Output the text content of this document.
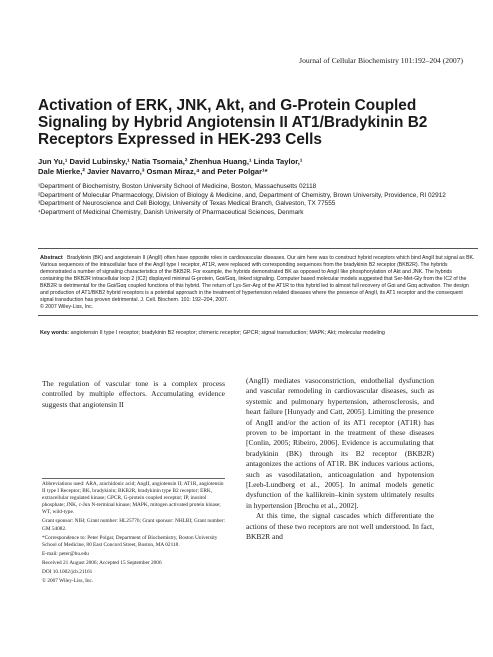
Journal of Cellular Biochemistry 101:192–204 (2007)
Activation of ERK, JNK, Akt, and G-Protein Coupled Signaling by Hybrid Angiotensin II AT1/Bradykinin B2 Receptors Expressed in HEK-293 Cells
Jun Yu,¹ David Lubinsky,¹ Natia Tsomaia,² Zhenhua Huang,¹ Linda Taylor,¹
Dale Mierke,² Javier Navarro,³ Osman Miraz,⁴ and Peter Polgar¹*

¹Department of Biochemistry, Boston University School of Medicine, Boston, Massachusetts 02118

²Department of Molecular Pharmacology, Division of Biology & Medicine, and, Department of Chemistry, Brown University, Providence, RI 02912

³Department of Neuroscience and Cell Biology, University of Texas Medical Branch, Galveston, TX 77555

⁴Department of Medicinal Chemistry, Danish University of Pharmaceutical Sciences, Denmark

Abstract Bradykinin (BK) and angiotensin II (AngII) often have opposite roles in cardiovascular diseases. Our aim here was to construct hybrid receptors which bind AngII but signal as BK. Various sequences of the intracellular face of the AngII type I receptor, AT1R, were replaced with corresponding sequences from the bradykinin B2 receptor (BKB2R). The hybrids demonstrated a number of signaling characteristics of the BKB2R. For example, the hybrids demonstrated BK as opposed to AngII like phosphorylation of Akt and JNK. The hybrids containing the BKB2R intracellular loop 2 (IC2) displayed minimal G-protein, Gαi/Gαq, linked signaling. Computer based molecular models suggested that Ser-Met-Gly from the IC2 of the BKB2R is detrimental for the Gαi/Gαq coupled functions of this hybrid. The return of Lys-Ser-Arg of the AT1R to this hybrid led to almost full recovery of Gαi and Gαq activation. The design and production of AT1/BKB2 hybrid receptors is a potential approach in the treatment of hypertension related diseases where the presence of AngII, its AT1 receptor and the consequent signal transduction has proven detrimental. J. Cell. Biochem. 101: 192–204, 2007.
© 2007 Wiley-Liss, Inc.
Key words: angiotensin II type I receptor; bradykinin B2 receptor; chimeric receptor; GPCR; signal transduction; MAPK; Akt; molecular modeling
The regulation of vascular tone is a complex process controlled by multiple effectors. Accumulating evidence suggests that angiotensin II

Abbreviations used: ARA, arachidonic acid; AngII, angiotensin II; AT1R, angiotensin II type I Receptor; BK, bradykinin; BKB2R, bradykinin type B2 receptor; ERK, extracellular regulated kinase; GPCR, G-protein coupled receptor; IP, inositol phosphate; JNK, c-Jun N-terminal kinase; MAPK, mitogen activated protein kinase; WT, wild-type.

Grant sponsor: NIH; Grant number: HL25776; Grant sponsor: NHLBI; Grant number: GM 54082.

*Correspondence to: Peter Polgar, Department of Biochemistry, Boston University School of Medicine, 80 East Concord Street, Boston, MA 02118.

E-mail: peter@bu.edu

Received 21 August 2006; Accepted 15 September 2006

DOI 10.1002/jcb.21161

© 2007 Wiley-Liss, Inc.

(AngII) mediates vasoconstriction, endothelial dysfunction and vascular remodeling in cardiovascular diseases, such as systemic and pulmonary hypertension, atherosclerosis, and heart failure [Hunyady and Catt, 2005]. Limiting the presence of AngII and/or the action of its AT1 receptor (AT1R) has proven to be important in the treatment of these diseases [Conlin, 2005; Ribeiro, 2006]. Evidence is accumulating that bradykinin (BK) through its B2 receptor (BKB2R) antagonizes the actions of AT1R. BK induces various actions, such as vasodilatation, anticoagulation and hypotension [Leeb-Lundberg et al., 2005]. In animal models genetic dysfunction of the kallikrein–kinin system ultimately results in hypertension [Brochu et al., 2002].
At this time, the signal cascades which differentiate the actions of these two receptors are not well understood. In fact, BKB2R and
